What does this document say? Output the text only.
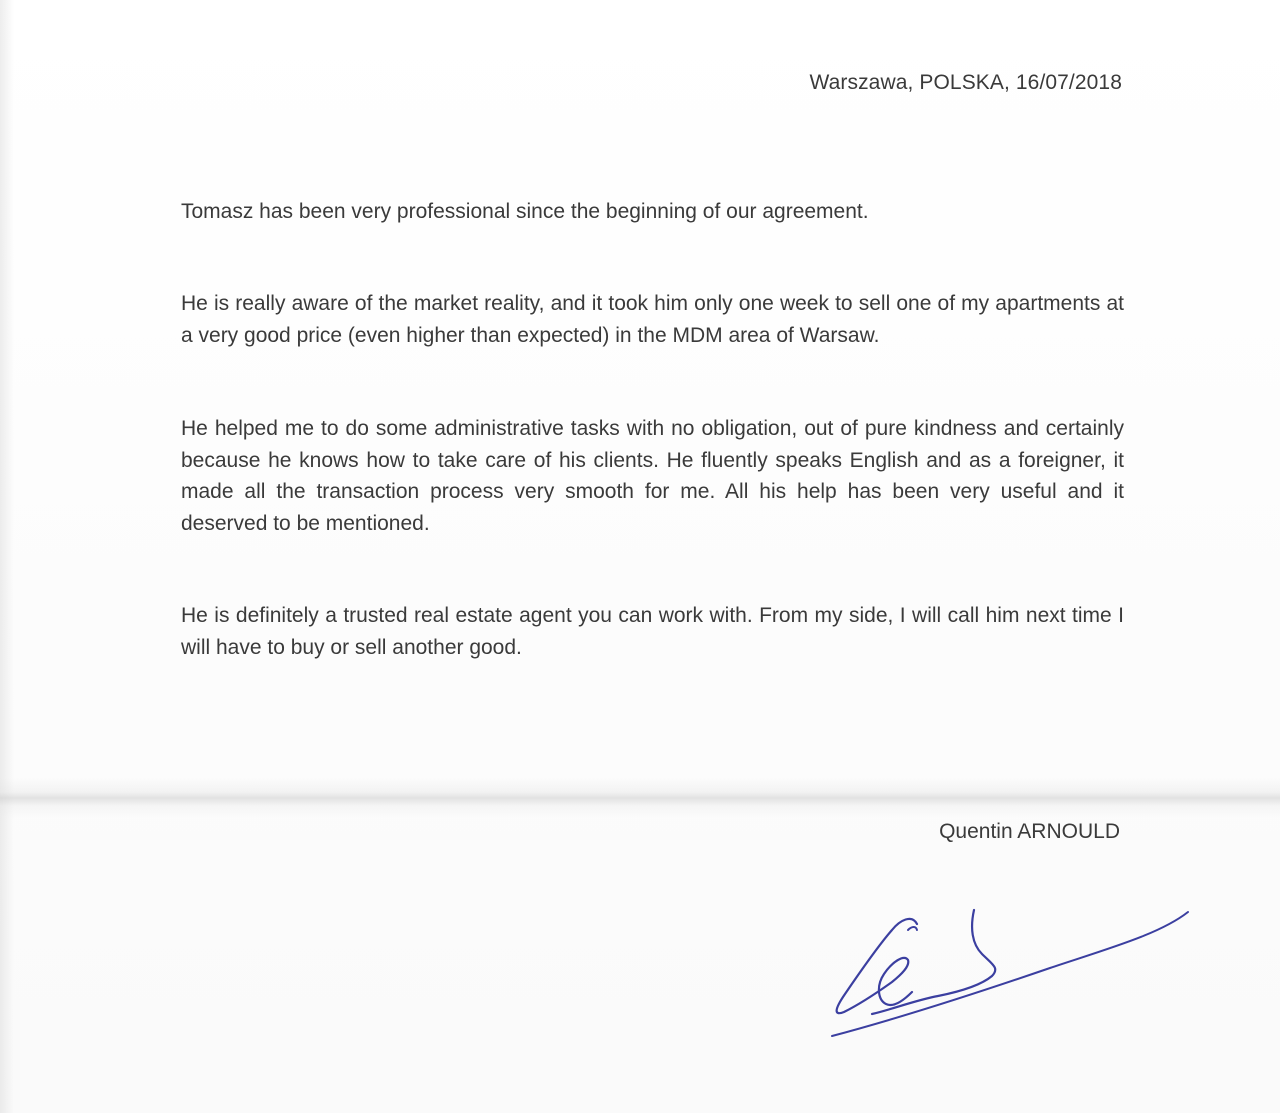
Warszawa, POLSKA, 16/07/2018

Tomasz has been very professional since the beginning of our agreement.

He is really aware of the market reality, and it took him only one week to sell one of my apartments at a very good price (even higher than expected) in the MDM area of Warsaw.

He helped me to do some administrative tasks with no obligation, out of pure kindness and certainly because he knows how to take care of his clients. He fluently speaks English and as a foreigner, it made all the transaction process very smooth for me. All his help has been very useful and it deserved to be mentioned.

He is definitely a trusted real estate agent you can work with. From my side, I will call him next time I will have to buy or sell another good.

Quentin ARNOULD
